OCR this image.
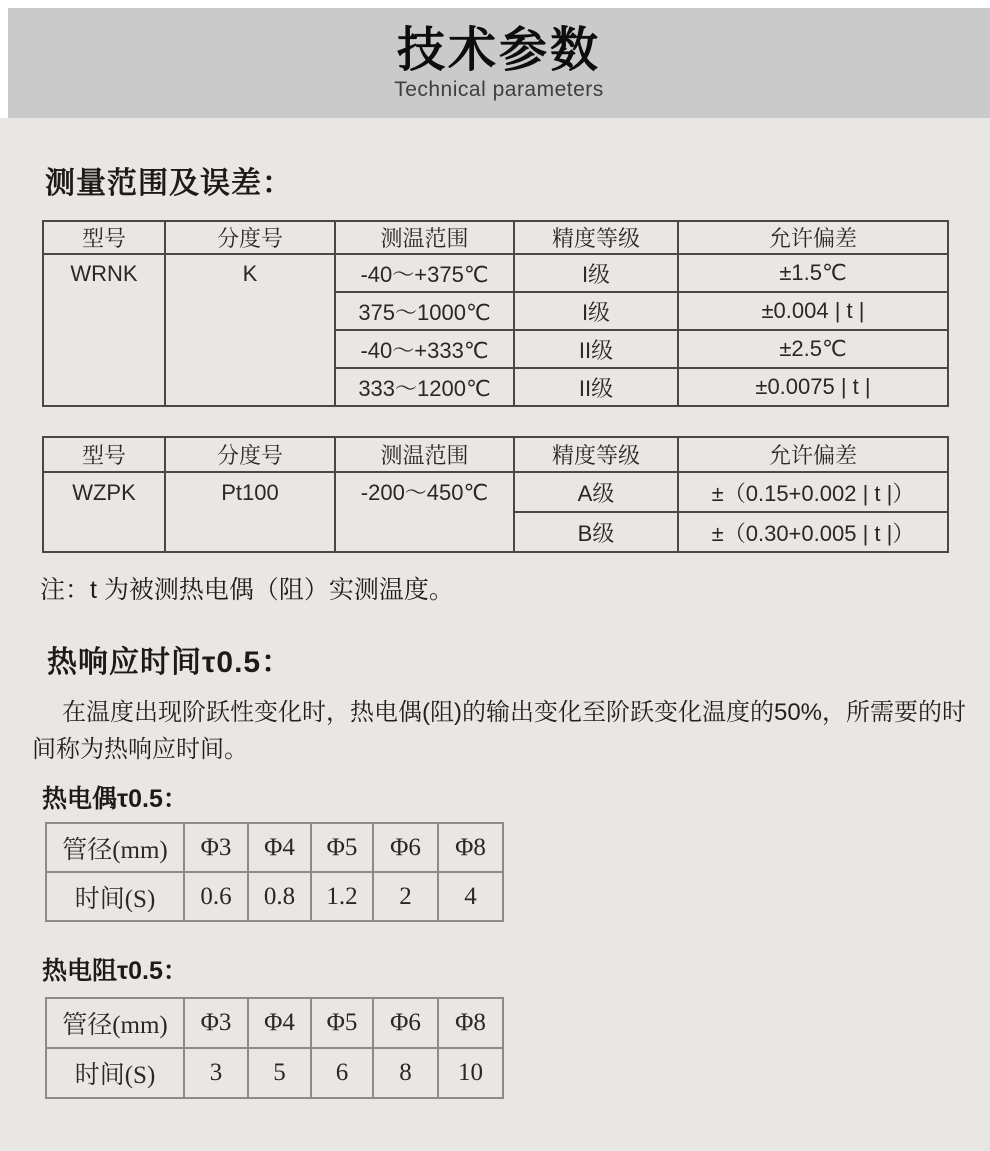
技术参数
Technical parameters
测量范围及误差：
型号	分度号	测温范围	精度等级	允许偏差
WRNK	K	-40～+375℃	I级	±1.5℃
		375～1000℃	I级	±0.004 | t |
		-40～+333℃	II级	±2.5℃
		333～1200℃	II级	±0.0075 | t |
型号	分度号	测温范围	精度等级	允许偏差
WZPK	Pt100	-200～450℃	A级	±（0.15+0.002 | t |）
			B级	±（0.30+0.005 | t |）

注：t 为被测热电偶（阻）实测温度。

热响应时间τ0.5：

在温度出现阶跃性变化时，热电偶(阻)的输出变化至阶跃变化温度的50%，所需要的时间称为热响应时间。

热电偶τ0.5：
管径(mm)	Φ3	Φ4	Φ5	Φ6	Φ8
时间(S)	0.6	0.8	1.2	2	4
热电阻τ0.5：
管径(mm)	Φ3	Φ4	Φ5	Φ6	Φ8
时间(S)	3	5	6	8	10
